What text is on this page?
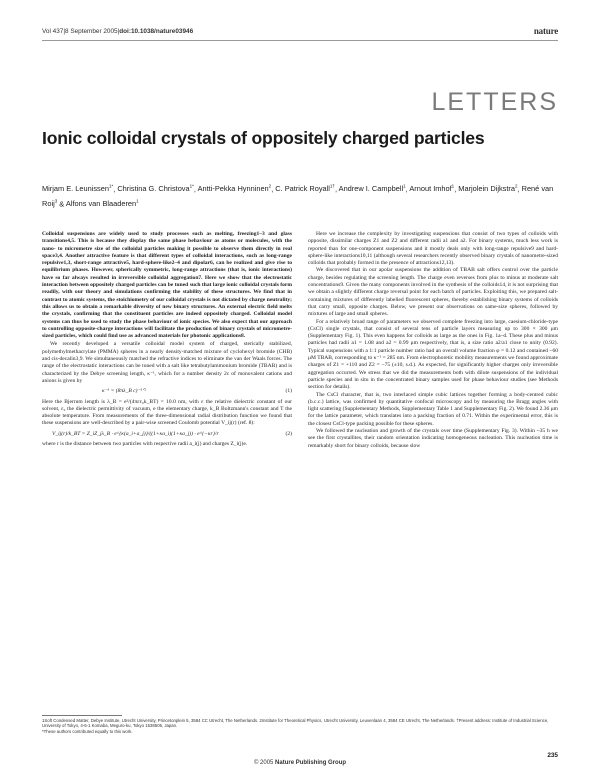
Vol 437|8 September 2005|doi:10.1038/nature03946	nature
LETTERS
Ionic colloidal crystals of oppositely charged particles
Mirjam E. Leunissen$^{1*}$, Christina G. Christova$^{1*}$, Antti-Pekka Hynninen$^2$, C. Patrick Royall$^{1\dagger}$, Andrew I. Campbell$^1$, Arnout Imhof$^1$, Marjolein Dijkstra$^2$, René van Roij$^3$ & Alfons van Blaaderen$^1$

Colloidal suspensions are widely used to study processes such as melting, freezing1–3 and glass transitions4,5. This is because they display the same phase behaviour as atoms or molecules, with the nano- to micrometre size of the colloidal particles making it possible to observe them directly in real space3,4. Another attractive feature is that different types of colloidal interactions, such as long-range repulsive1,3, short-range attractive5, hard-sphere-like2–4 and dipolar6, can be realized and give rise to equilibrium phases. However, spherically symmetric, long-range attractions (that is, ionic interactions) have so far always resulted in irreversible colloidal aggregation7. Here we show that the electrostatic interaction between oppositely charged particles can be tuned such that large ionic colloidal crystals form readily, with our theory and simulations confirming the stability of these structures. We find that in contrast to atomic systems, the stoichiometry of our colloidal crystals is not dictated by charge neutrality; this allows us to obtain a remarkable diversity of new binary structures. An external electric field melts the crystals, confirming that the constituent particles are indeed oppositely charged. Colloidal model systems can thus be used to study the phase behaviour of ionic species. We also expect that our approach to controlling opposite-charge interactions will facilitate the production of binary crystals of micrometre-sized particles, which could find use as advanced materials for photonic applications8.

We recently developed a versatile colloidal model system of charged, sterically stabilized, polymethylmethacrylate (PMMA) spheres in a nearly density-matched mixture of cyclohexyl bromide (CHB) and cis-decalin3,9. We simultaneously matched the refractive indices to eliminate the van der Waals forces. The range of the electrostatic interactions can be tuned with a salt like tetrabutylammonium bromide (TBAB) and is characterized by the Debye screening length, κ⁻¹, which for a number density 2c of monovalent cations and anions is given by

κ⁻¹ = (8πλ_B c)⁻¹ᐟ²	(1)

Here the Bjerrum length is λ_B = e²/(4πεε₀k_BT) = 10.0 nm, with ε the relative dielectric constant of our solvent, ε₀ the dielectric permittivity of vacuum, e the elementary charge, k_B Boltzmann's constant and T the absolute temperature. From measurements of the three-dimensional radial distribution function we found that these suspensions are well-described by a pair-wise screened Coulomb potential V_ij(r) (ref. 8):

V_ij(r)/k_BT = Z_iZ_jλ_B · e^{κ(a_i+a_j)}/((1+κa_i)(1+κa_j)) · e^{−κr}/r	(2)

where r is the distance between two particles with respective radii a_i(j) and charges Z_i(j)e.

Here we increase the complexity by investigating suspensions that consist of two types of colloids with opposite, dissimilar charges Z1 and Z2 and different radii a1 and a2. For binary systems, much less work is reported than for one-component suspensions and it mostly deals only with long-range repulsive9 and hard-sphere-like interactions10,11 (although several researchers recently observed binary crystals of nanometre-sized colloids that probably formed in the presence of attractions12,13).

We discovered that in our apolar suspensions the addition of TBAB salt offers control over the particle charge, besides regulating the screening length. The charge even reverses from plus to minus at moderate salt concentrations9. Given the many components involved in the synthesis of the colloids14, it is not surprising that we obtain a slightly different charge reversal point for each batch of particles. Exploiting this, we prepared salt-containing mixtures of differently labelled fluorescent spheres, thereby establishing binary systems of colloids that carry small, opposite charges. Below, we present our observations on same-size spheres, followed by mixtures of large and small spheres.

For a relatively broad range of parameters we observed complete freezing into large, caesium-chloride-type (CsCl) single crystals, that consist of several tens of particle layers measuring up to 300 × 300 μm (Supplementary Fig. 1). This even happens for colloids as large as the ones in Fig. 1a–d. These plus and minus particles had radii a1 = 1.08 and a2 = 0.99 μm respectively, that is, a size ratio a2/a1 close to unity (0.92). Typical suspensions with a 1:1 particle number ratio had an overall volume fraction φ = 0.12 and contained ~60 μM TBAB, corresponding to κ⁻¹ = 285 nm. From electrophoretic mobility measurements we found approximate charges of Z1 = +110 and Z2 = −75 (±10, s.d.). As expected, for significantly higher charges only irreversible aggregation occurred. We stress that we did the measurements both with dilute suspensions of the individual particle species and in situ in the concentrated binary samples used for phase behaviour studies (see Methods section for details).

The CsCl character, that is, two interlaced simple cubic lattices together forming a body-centred cubic (b.c.c.) lattice, was confirmed by quantitative confocal microscopy and by measuring the Bragg angles with light scattering (Supplementary Methods, Supplementary Table 1 and Supplementary Fig. 2). We found 2.36 μm for the lattice parameter, which translates into a packing fraction of 0.71. Within the experimental error, this is the closest CsCl-type packing possible for these spheres.

We followed the nucleation and growth of the crystals over time (Supplementary Fig. 3). Within ~35 h we see the first crystallites, their random orientation indicating homogeneous nucleation. This nucleation time is remarkably short for binary colloids, because slow

1Soft Condensed Matter, Debye Institute, Utrecht University, Princetonplein 5, 3584 CC Utrecht, The Netherlands. 2Institute for Theoretical Physics, Utrecht University, Leuvenlaan 4, 3584 CE Utrecht, The Netherlands. †Present address: Institute of Industrial Science, University of Tokyo, 4-6-1 Komaba, Meguro-ku, Tokyo 1538505, Japan.
*These authors contributed equally to this work.
235
© 2005 Nature Publishing Group
